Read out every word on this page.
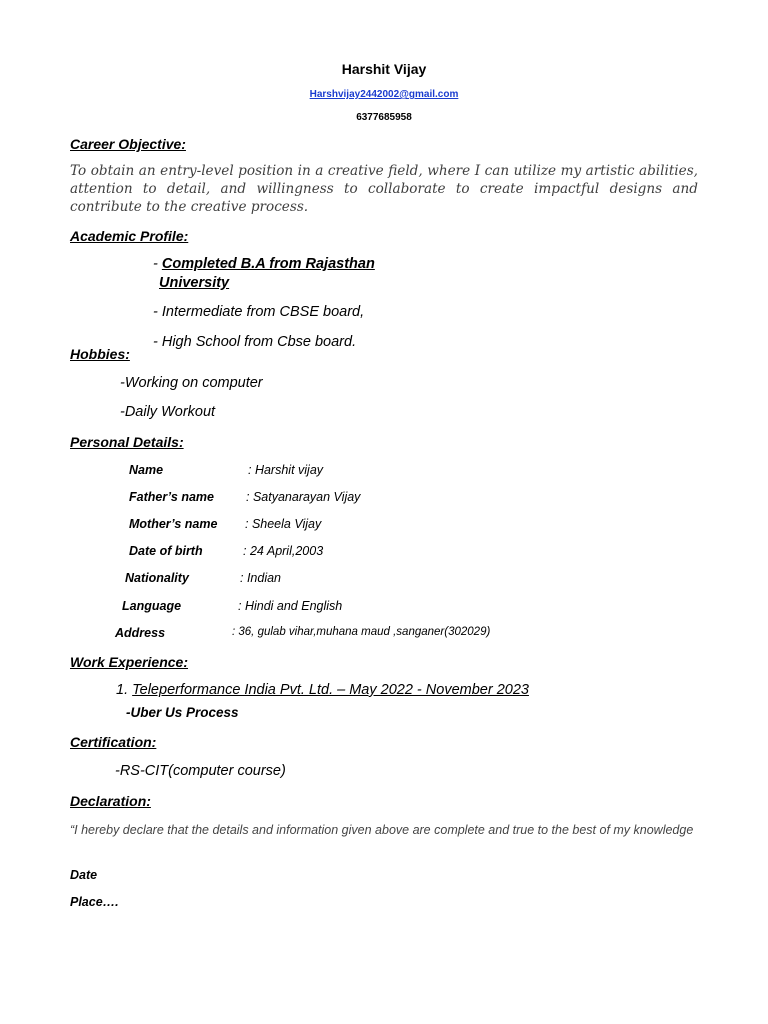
Harshit Vijay
Harshvijay2442002@gmail.com
6377685958
Career Objective:
To obtain an entry-level position in a creative field, where I can utilize my artistic abilities, attention to detail, and willingness to collaborate to create impactful designs and contribute to the creative process.
Academic Profile:
- Completed B.A from Rajasthan
University
- Intermediate from CBSE board,
- High School from Cbse board.
Hobbies:
-Working on computer
-Daily Workout
Personal Details:
Name	: Harshit vijay
Father’s name	: Satyanarayan Vijay
Mother’s name : Sheela Vijay
Date of birth	: 24 April,2003
Nationality	: Indian
Language	: Hindi and English
Address	: 36, gulab vihar,muhana maud ,sanganer(302029)
Work Experience:
1. Teleperformance India Pvt. Ltd. – May 2022 - November 2023
-Uber Us Process
Certification:
-RS-CIT(computer course)
Declaration:
“I hereby declare that the details and information given above are complete and true to the best of my knowledge
Date
Place….
